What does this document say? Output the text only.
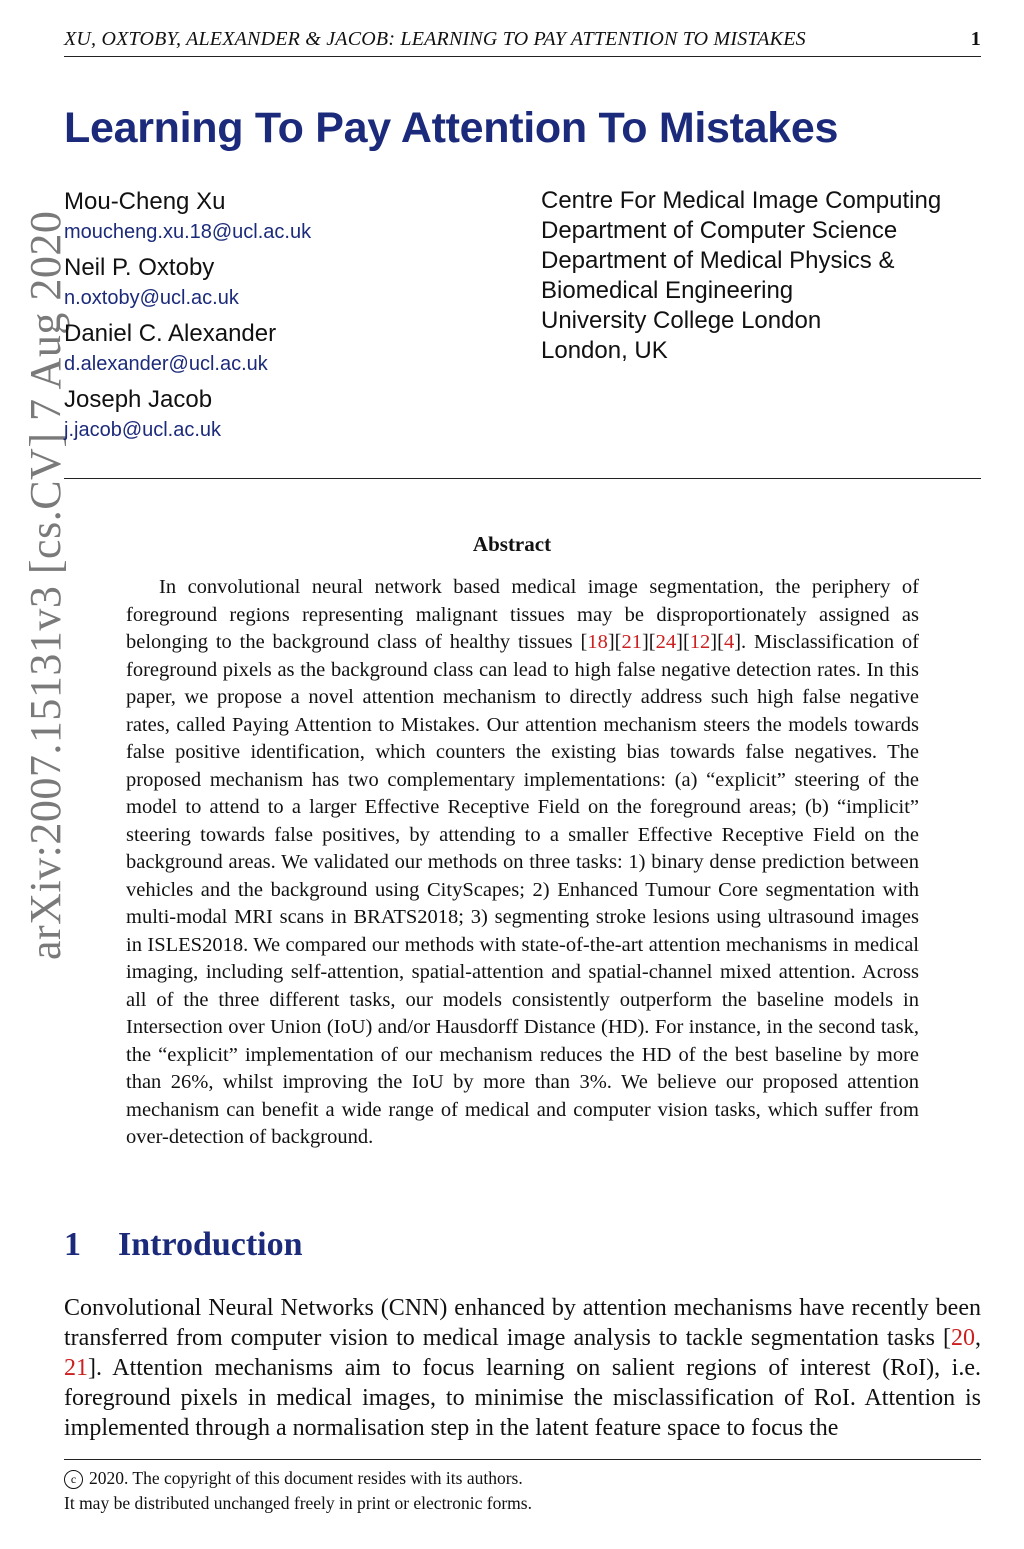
XU, OXTOBY, ALEXANDER & JACOB: LEARNING TO PAY ATTENTION TO MISTAKES	1
arXiv:2007.15131v3 [cs.CV] 7 Aug 2020
Learning To Pay Attention To Mistakes
Mou-Cheng Xu
moucheng.xu.18@ucl.ac.uk
Neil P. Oxtoby
n.oxtoby@ucl.ac.uk
Daniel C. Alexander
d.alexander@ucl.ac.uk
Joseph Jacob
j.jacob@ucl.ac.uk
Centre For Medical Image Computing
Department of Computer Science
Department of Medical Physics &
Biomedical Engineering
University College London
London, UK
Abstract
In convolutional neural network based medical image segmentation, the periphery of foreground regions representing malignant tissues may be disproportionately assigned as belonging to the background class of healthy tissues [18][21][24][12][4]. Misclassification of foreground pixels as the background class can lead to high false negative detection rates. In this paper, we propose a novel attention mechanism to directly address such high false negative rates, called Paying Attention to Mistakes. Our attention mechanism steers the models towards false positive identification, which counters the existing bias towards false negatives. The proposed mechanism has two complementary implementations: (a) “explicit” steering of the model to attend to a larger Effective Receptive Field on the foreground areas; (b) “implicit” steering towards false positives, by attending to a smaller Effective Receptive Field on the background areas. We validated our methods on three tasks: 1) binary dense prediction between vehicles and the background using CityScapes; 2) Enhanced Tumour Core segmentation with multi-modal MRI scans in BRATS2018; 3) segmenting stroke lesions using ultrasound images in ISLES2018. We compared our methods with state-of-the-art attention mechanisms in medical imaging, including self-attention, spatial-attention and spatial-channel mixed attention. Across all of the three different tasks, our models consistently outperform the baseline models in Intersection over Union (IoU) and/or Hausdorff Distance (HD). For instance, in the second task, the “explicit” implementation of our mechanism reduces the HD of the best baseline by more than 26%, whilst improving the IoU by more than 3%. We believe our proposed attention mechanism can benefit a wide range of medical and computer vision tasks, which suffer from over-detection of background.
1 Introduction
Convolutional Neural Networks (CNN) enhanced by attention mechanisms have recently been transferred from computer vision to medical image analysis to tackle segmentation tasks [20, 21]. Attention mechanisms aim to focus learning on salient regions of interest (RoI), i.e. foreground pixels in medical images, to minimise the misclassification of RoI. Attention is implemented through a normalisation step in the latent feature space to focus the
c 2020. The copyright of this document resides with its authors.
It may be distributed unchanged freely in print or electronic forms.
